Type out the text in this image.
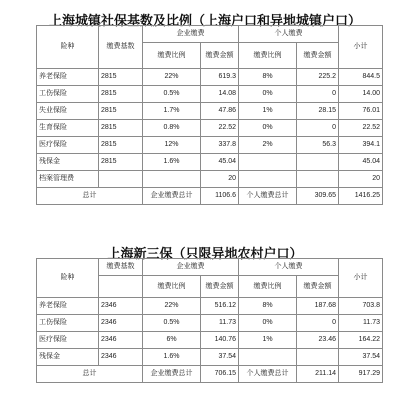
上海城镇社保基数及比例（上海户口和异地城镇户口）
险种	缴费基数	企业缴费		个人缴费		小计
		缴费比例	缴费金额	缴费比例	缴费金额	
养老保险	2815	22%	619.3	8%	225.2	844.5
工伤保险	2815	0.5%	14.08	0%	0	14.00
失业保险	2815	1.7%	47.86	1%	28.15	76.01
生育保险	2815	0.8%	22.52	0%	0	22.52
医疗保险	2815	12%	337.8	2%	56.3	394.1
残保金	2815	1.6%	45.04			45.04
档案管理费			20			20
总计		企业缴费总计	1106.6	个人缴费总计	309.65	1416.25
上海新三保（只限异地农村户口）
险种	缴费基数	企业缴费		个人缴费		小计
		缴费比例	缴费金额	缴费比例	缴费金额	
养老保险	2346	22%	516.12	8%	187.68	703.8
工伤保险	2346	0.5%	11.73	0%	0	11.73
医疗保险	2346	6%	140.76	1%	23.46	164.22
残保金	2346	1.6%	37.54			37.54
总计		企业缴费总计	706.15	个人缴费总计	211.14	917.29
